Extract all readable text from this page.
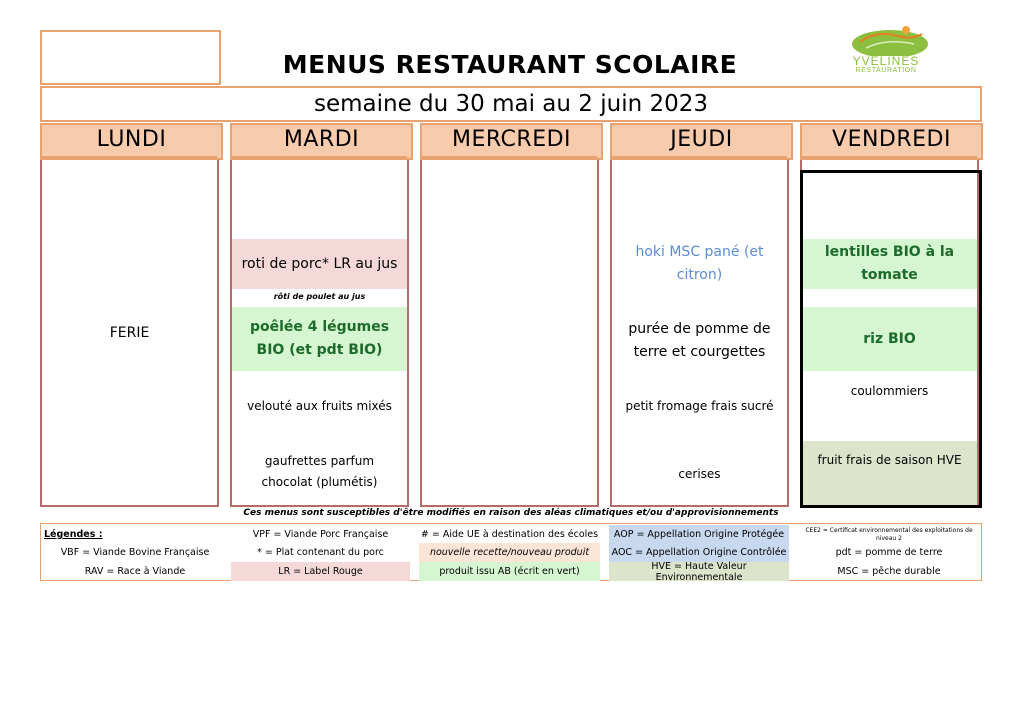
MENUS RESTAURANT SCOLAIRE	YVELINES
RESTAURATION
semaine du 30 mai au 2 juin 2023
LUNDI
FERIE
MARDI
roti de porc* LR au jus
rôti de poulet au jus
poêlée 4 légumes BIO (et pdt BIO)
velouté aux fruits mixés
gaufrettes parfum chocolat (plumétis)
MERCREDI	JEUDI
hoki MSC pané (et citron)
purée de pomme de terre et courgettes
petit fromage frais sucré
cerises
VENDREDI
lentilles BIO à la tomate
riz BIO
coulommiers
fruit frais de saison HVE
Ces menus sont susceptibles d'être modifiés en raison des aléas climatiques et/ou d'approvisionnements
Légendes :
VBF = Viande Bovine Française
RAV = Race à Viande
VPF = Viande Porc Française
* = Plat contenant du porc
LR = Label Rouge
# = Aide UE à destination des écoles
nouvelle recette/nouveau produit
produit issu AB (écrit en vert)
AOP = Appellation Origine Protégée
AOC = Appellation Origine Contrôlée
HVE = Haute Valeur Environnementale
CEE2 = Certificat environnemental des exploitations de niveau 2
pdt = pomme de terre
MSC = pêche durable
